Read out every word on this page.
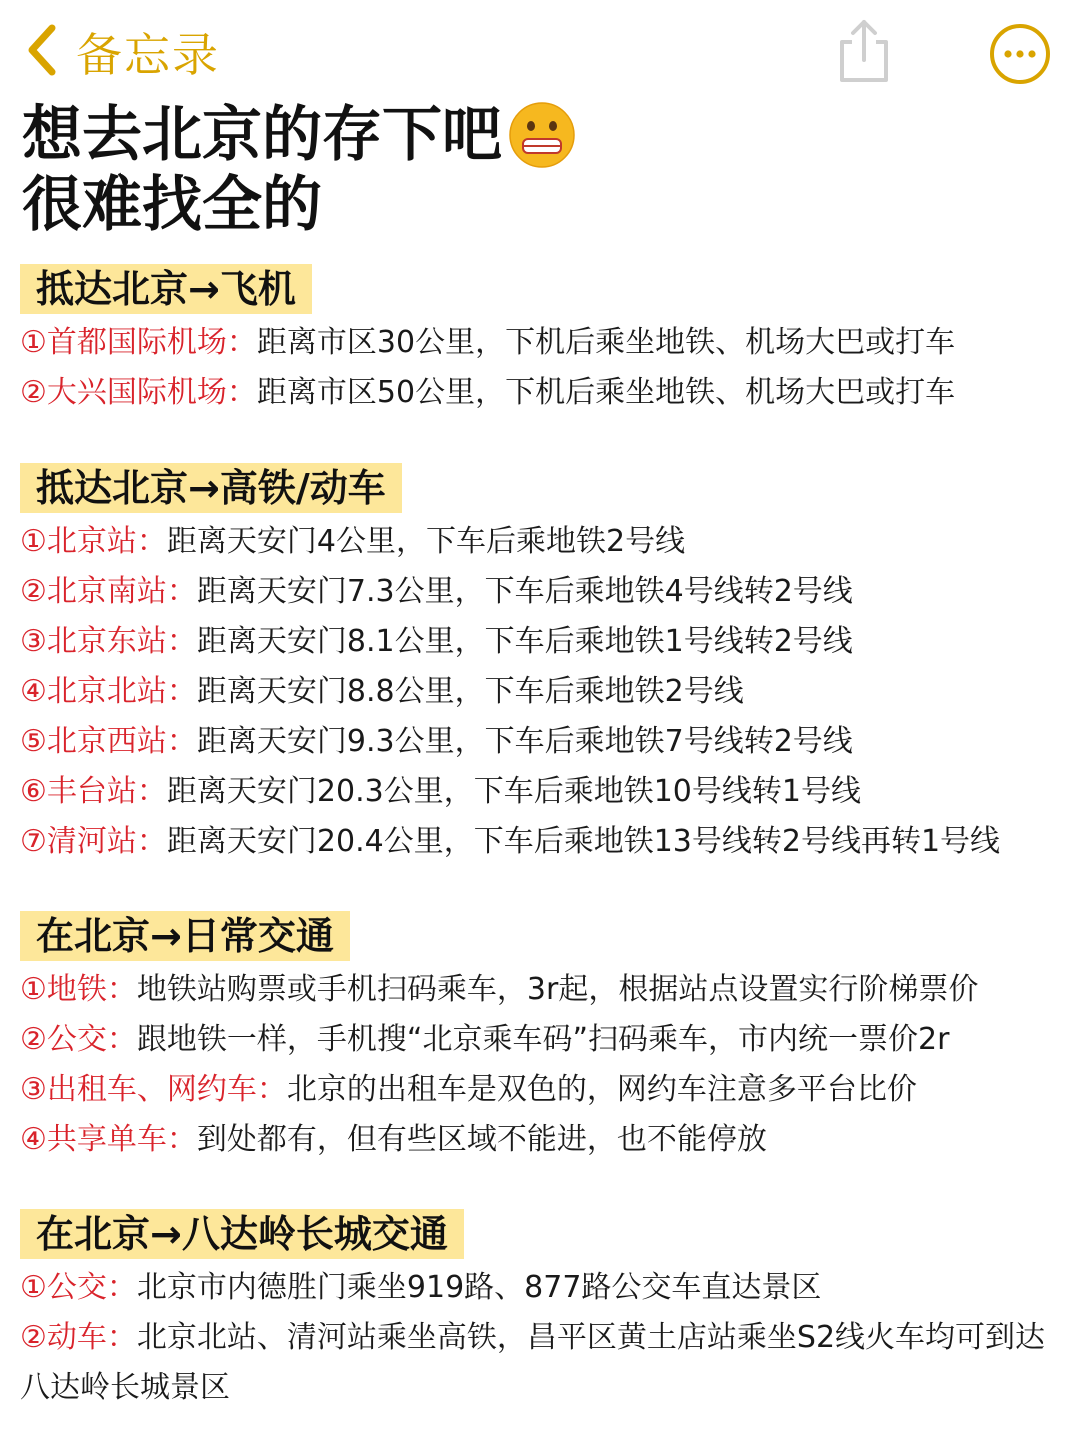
备忘录
想去北京的存下吧
很难找全的
抵达北京→飞机
①首都国际机场：距离市区30公里，下机后乘坐地铁、机场大巴或打车
②大兴国际机场：距离市区50公里，下机后乘坐地铁、机场大巴或打车
抵达北京→高铁/动车
①北京站：距离天安门4公里，下车后乘地铁2号线
②北京南站：距离天安门7.3公里，下车后乘地铁4号线转2号线
③北京东站：距离天安门8.1公里，下车后乘地铁1号线转2号线
④北京北站：距离天安门8.8公里，下车后乘地铁2号线
⑤北京西站：距离天安门9.3公里，下车后乘地铁7号线转2号线
⑥丰台站：距离天安门20.3公里，下车后乘地铁10号线转1号线
⑦清河站：距离天安门20.4公里，下车后乘地铁13号线转2号线再转1号线
在北京→日常交通
①地铁：地铁站购票或手机扫码乘车，3r起，根据站点设置实行阶梯票价
②公交：跟地铁一样，手机搜“北京乘车码”扫码乘车，市内统一票价2r
③出租车、网约车：北京的出租车是双色的，网约车注意多平台比价
④共享单车：到处都有，但有些区域不能进，也不能停放
在北京→八达岭长城交通
①公交：北京市内德胜门乘坐919路、877路公交车直达景区
②动车：北京北站、清河站乘坐高铁，昌平区黄土店站乘坐S2线火车均可到达八达岭长城景区
